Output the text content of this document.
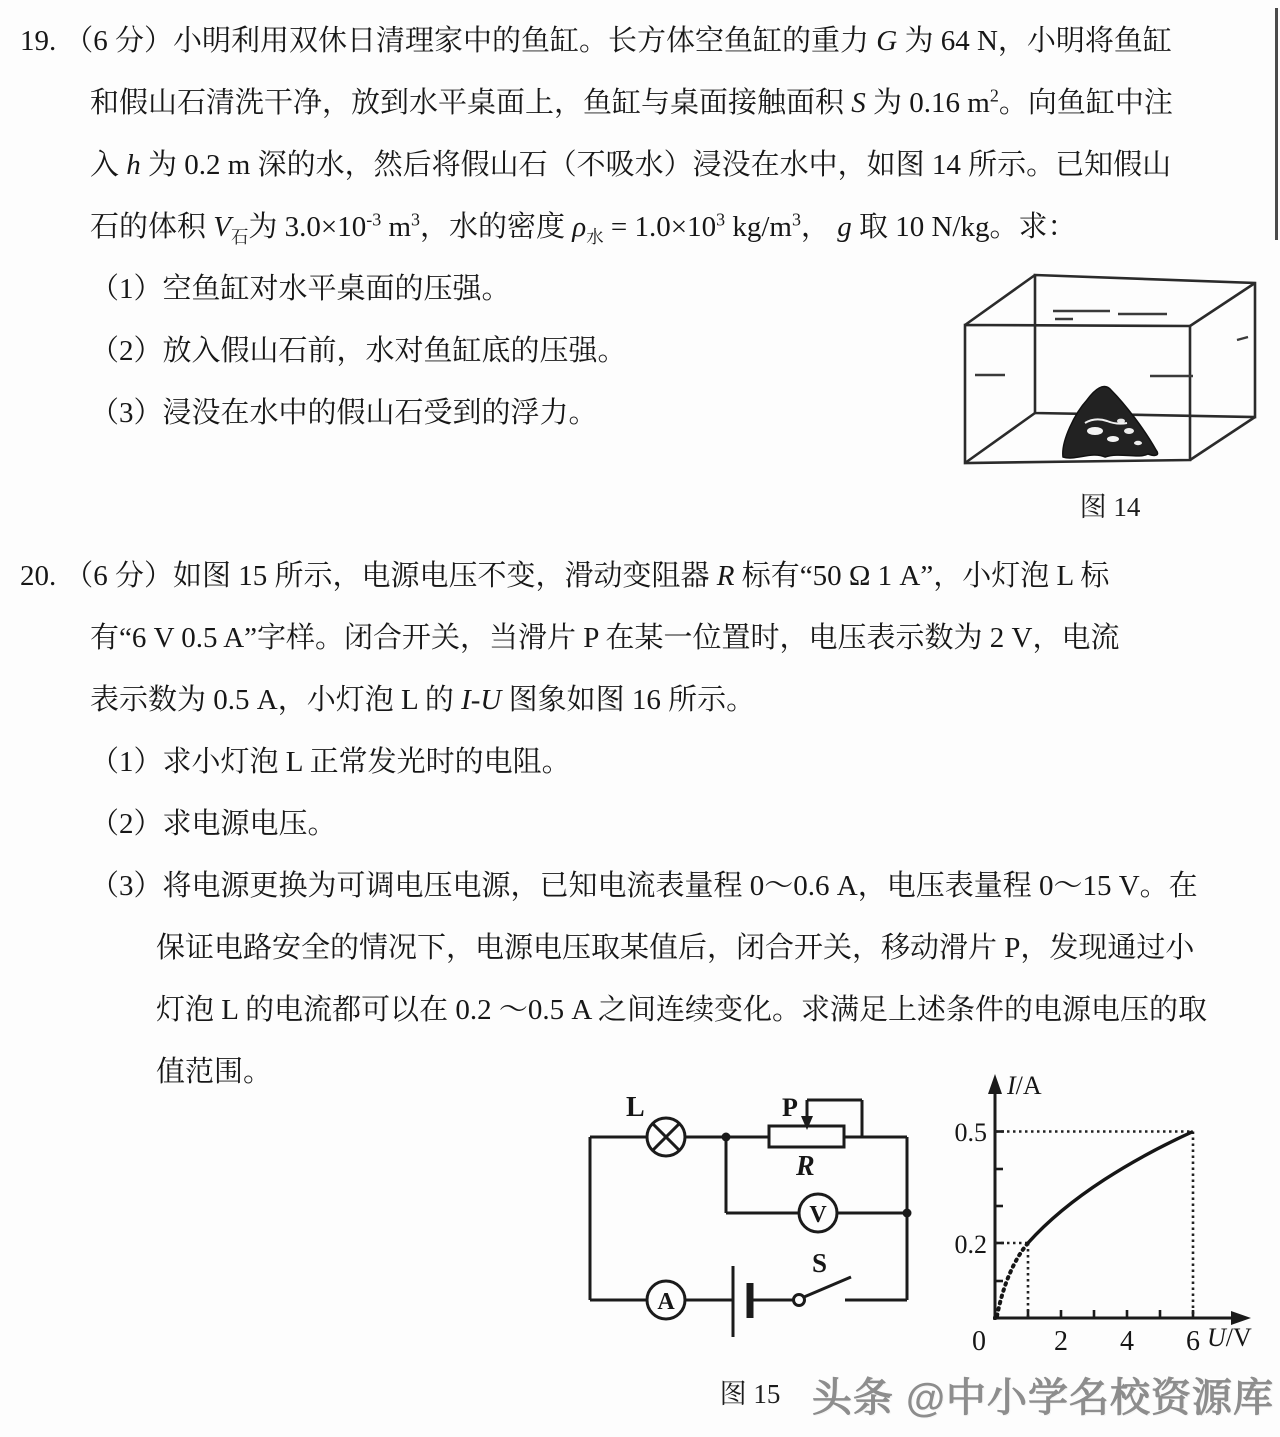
19. （6 分）小明利用双休日清理家中的鱼缸。长方体空鱼缸的重力 G 为 64 N，小明将鱼缸
和假山石清洗干净，放到水平桌面上，鱼缸与桌面接触面积 S 为 0.16 $m^2$。向鱼缸中注
入 h 为 0.2 m 深的水，然后将假山石（不吸水）浸没在水中，如图 14 所示。已知假山
石的体积 $V_石$为 $3.0\times 10^{-3}$ $m^3$，水的密度 $\rho_水 = 1.0\times 10^3$ $kg/m^3$， g 取 10 N/kg。求：
（1）空鱼缸对水平桌面的压强。
（2）放入假山石前，水对鱼缸底的压强。
（3）浸没在水中的假山石受到的浮力。
图 14
20. （6 分）如图 15 所示，电源电压不变，滑动变阻器 R 标有“50 Ω 1 A”，小灯泡 L 标
有“6 V 0.5 A”字样。闭合开关，当滑片 P 在某一位置时，电压表示数为 2 V，电流
表示数为 0.5 A，小灯泡 L 的 I-U 图象如图 16 所示。
（1）求小灯泡 L 正常发光时的电阻。
（2）求电源电压。
（3）将电源更换为可调电压电源，已知电流表量程 0～0.6 A，电压表量程 0～15 V。在
保证电路安全的情况下，电源电压取某值后，闭合开关，移动滑片 P，发现通过小
灯泡 L 的电流都可以在 0.2 ～0.5 A 之间连续变化。求满足上述条件的电源电压的取
值范围。
L	P
R
V
A
S
图 15
I/A
U/V
0.5
0.2
0 2 4 6
头条 @中小学名校资源库
